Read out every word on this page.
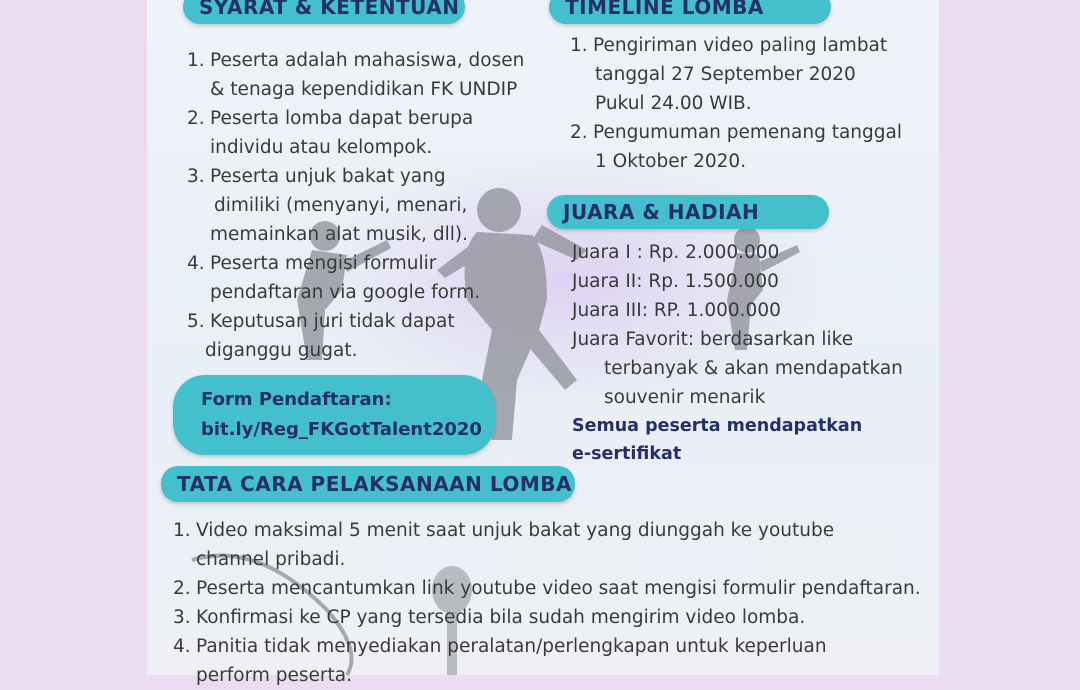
SYARAT & KETENTUAN
1. Peserta adalah mahasiswa, dosen
& tenaga kependidikan FK UNDIP
2. Peserta lomba dapat berupa
individu atau kelompok.
3. Peserta unjuk bakat yang
dimiliki (menyanyi, menari,
memainkan alat musik, dll).
4. Peserta mengisi formulir
pendaftaran via google form.
5. Keputusan juri tidak dapat
diganggu gugat.
Form Pendaftaran:
bit.ly/Reg_FKGotTalent2020
TIMELINE LOMBA
1. Pengiriman video paling lambat
tanggal 27 September 2020
Pukul 24.00 WIB.
2. Pengumuman pemenang tanggal
1 Oktober 2020.
JUARA & HADIAH
Juara I : Rp. 2.000.000
Juara II: Rp. 1.500.000
Juara III: RP. 1.000.000
Juara Favorit: berdasarkan like
terbanyak & akan mendapatkan
souvenir menarik
Semua peserta mendapatkan
e-sertifikat
TATA CARA PELAKSANAAN LOMBA
1. Video maksimal 5 menit saat unjuk bakat yang diunggah ke youtube
channel pribadi.
2. Peserta mencantumkan link youtube video saat mengisi formulir pendaftaran.
3. Konfirmasi ke CP yang tersedia bila sudah mengirim video lomba.
4. Panitia tidak menyediakan peralatan/perlengkapan untuk keperluan
perform peserta.
